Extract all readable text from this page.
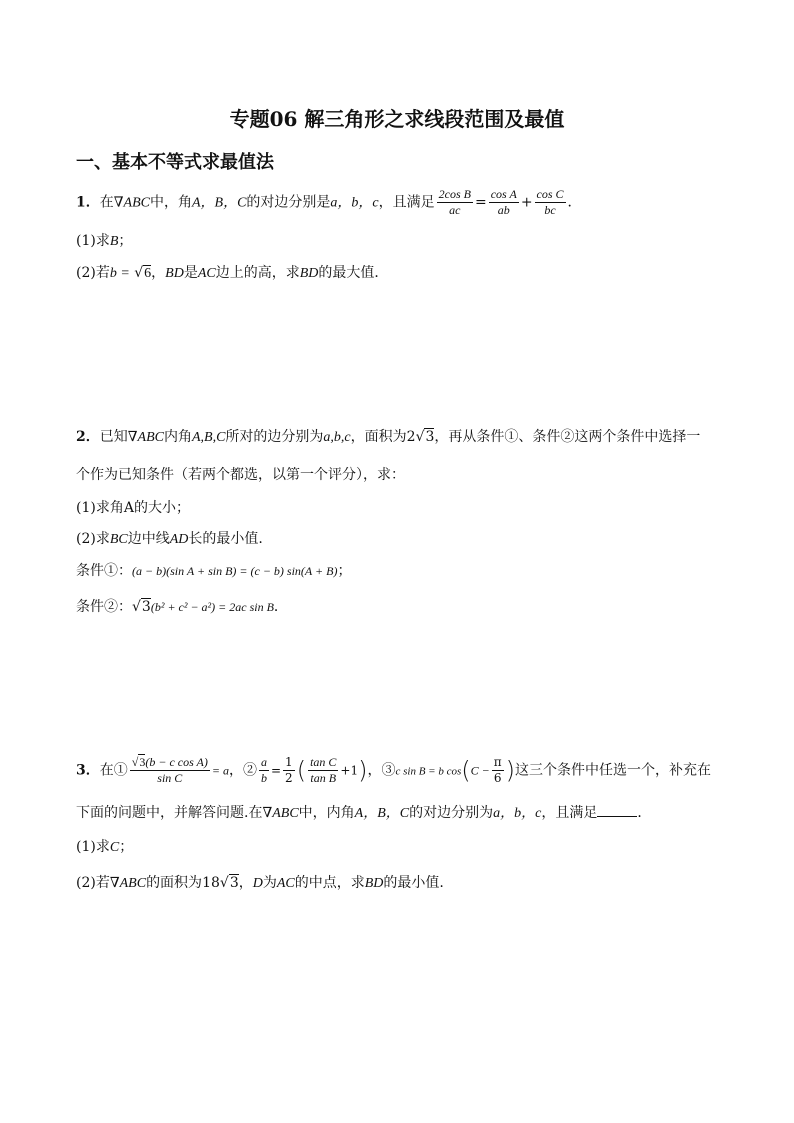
专题06 解三角形之求线段范围及最值
一、基本不等式求最值法
1．在∇ABC中，角A，B，C的对边分别是a，b，c，且满足 $\frac{\text{2cos B}}{ac} = \frac{\text{cos A}}{ab} + \frac{\text{cos C}}{bc}$ ．
(1)求B；
(2)若b = √6，BD是AC边上的高，求BD的最大值．
2．已知∇ABC内角A,B,C所对的边分别为a,b,c，面积为2√3，再从条件①、条件②这两个条件中选择一
个作为已知条件（若两个都选，以第一个评分），求：
(1)求角A的大小；
(2)求BC边中线AD长的最小值.
条件①：(a − b)(sin A + sin B) = (c − b) sin(A + B)；
条件②：√3(b² + c² − a²) = 2ac sin B．
3．在① $\frac{\text{√3(b − c cos A)}}{\text{sin C}} = a$，② $\frac{a}{b} = \frac{1}{2}$ ( $\frac{\text{tan C}}{\text{tan B}} +1$)，③c sin B = b $\cos(C - \frac{\pi}{6}$ )这三个条件中任选一个，补充在
下面的问题中，并解答问题.在∇ABC中，内角A，B，C的对边分别为a，b，c，且满足	．
(1)求C；
(2)若∇ABC的面积为18√3，D为AC的中点，求BD的最小值.
